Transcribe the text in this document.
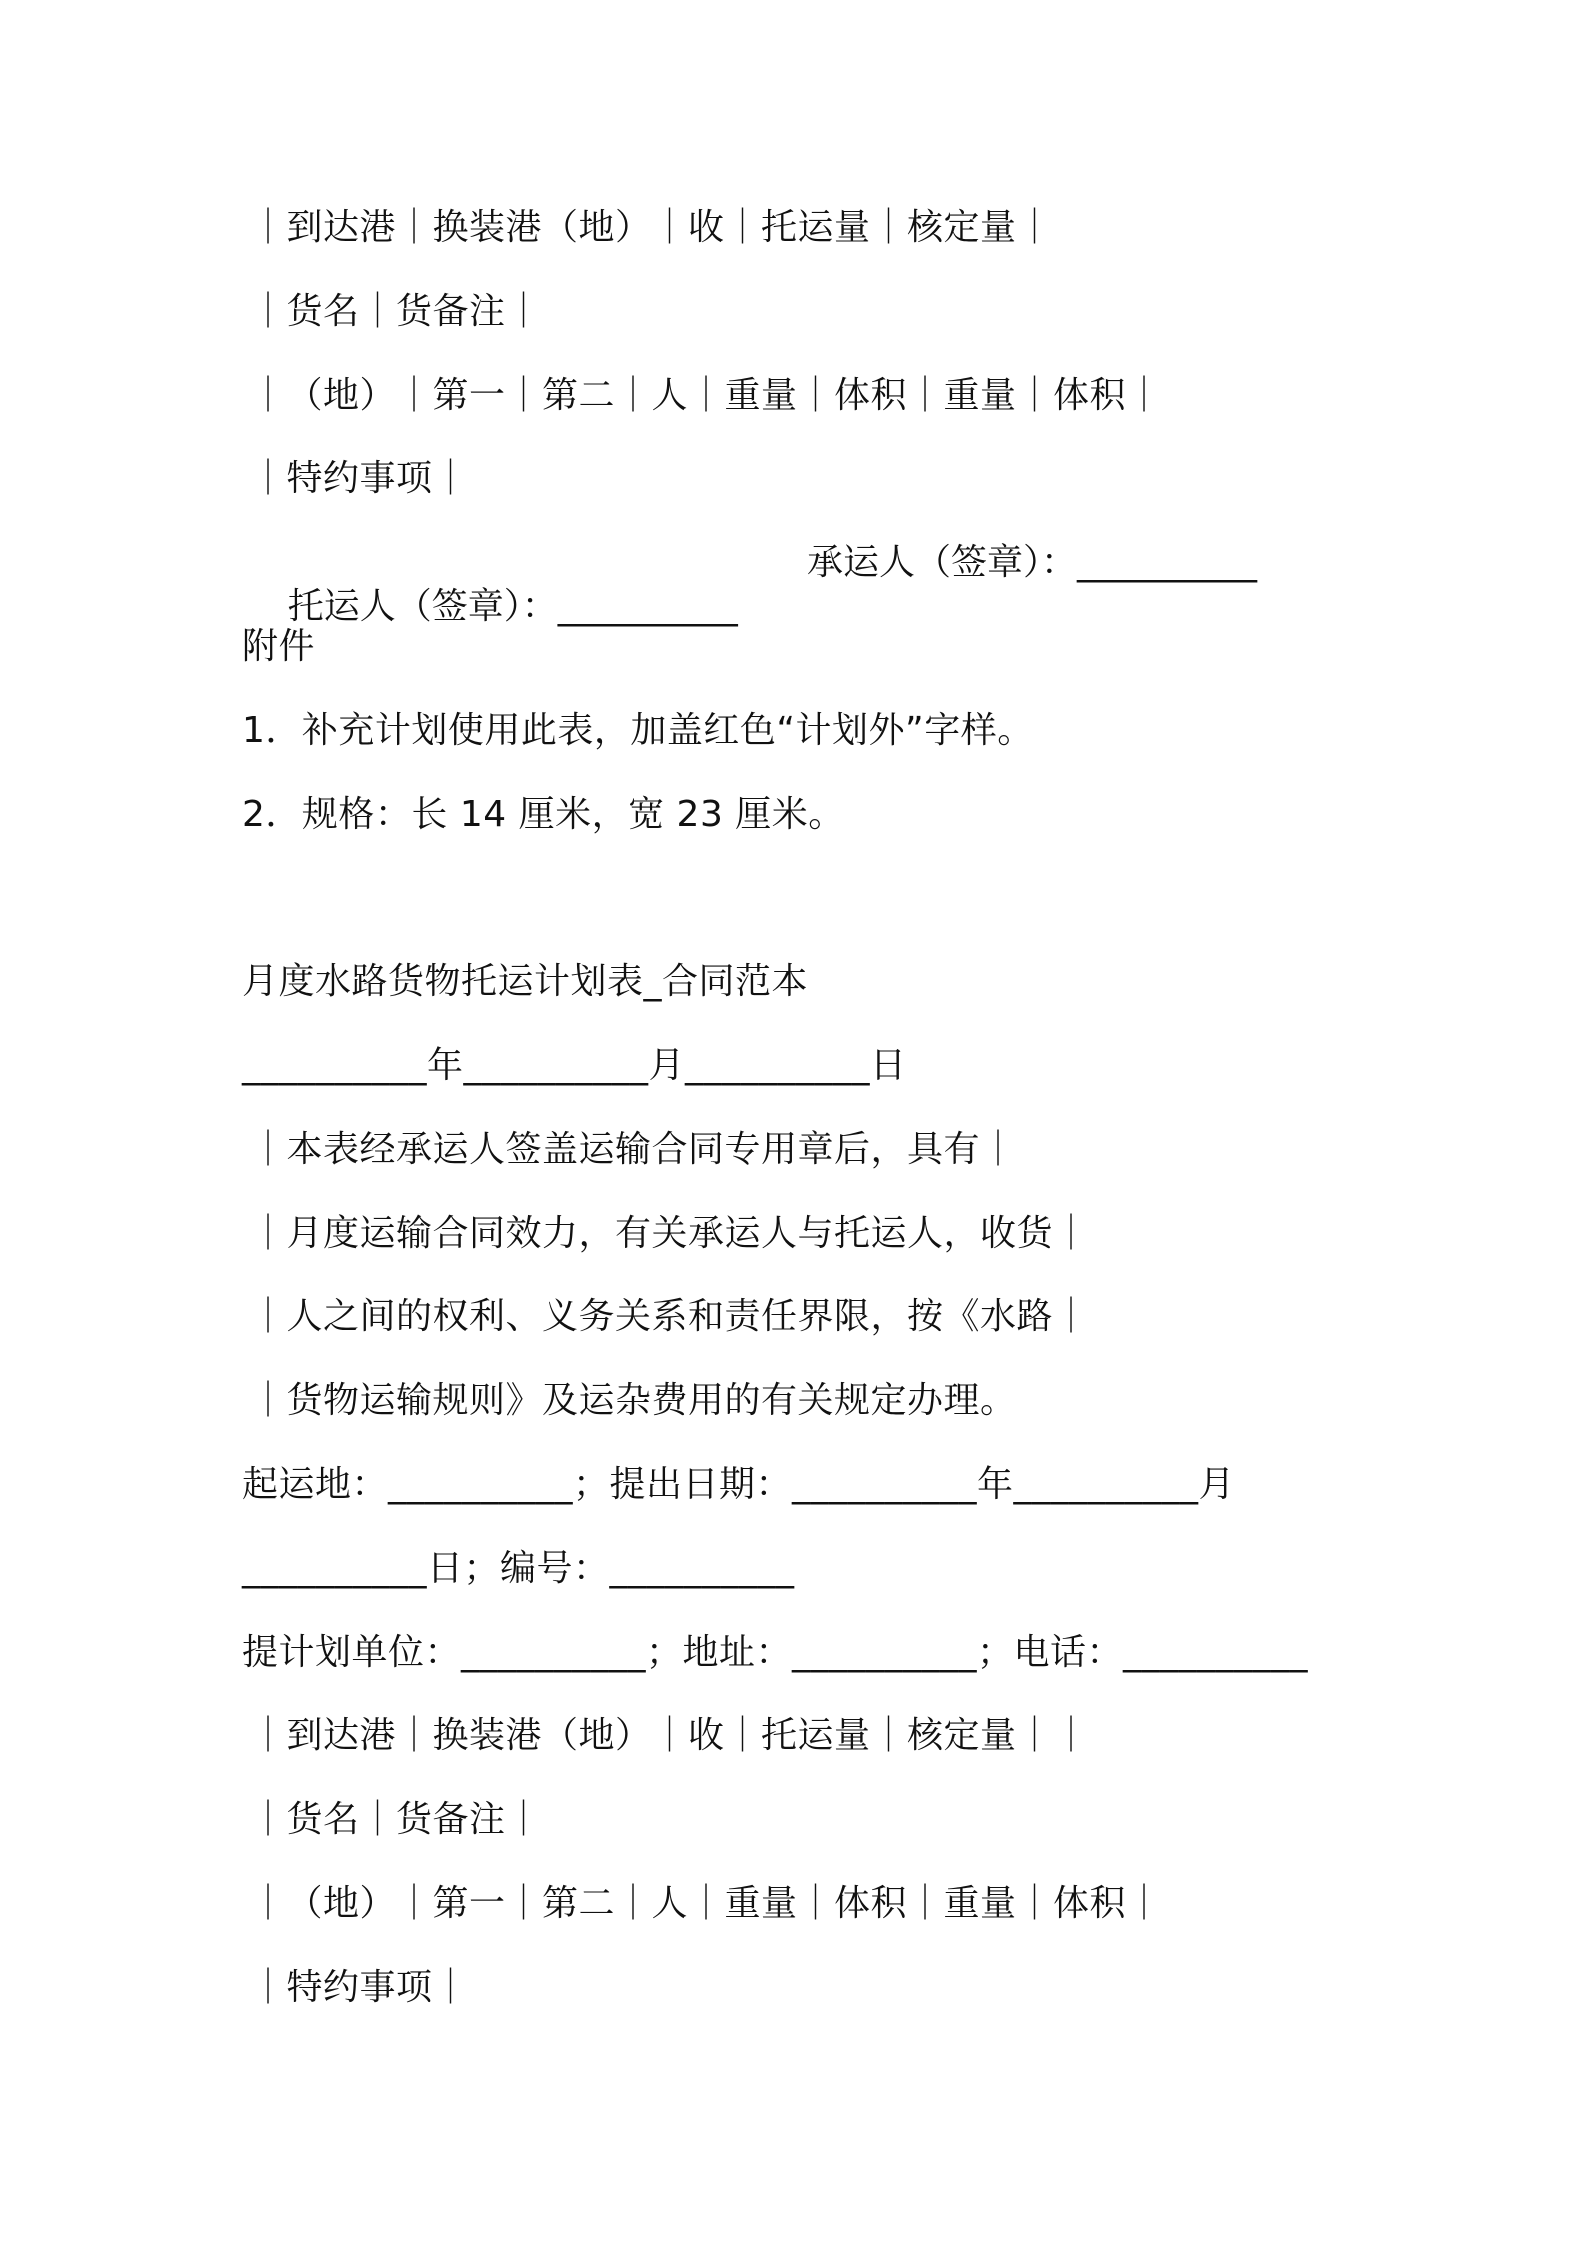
｜到达港｜换装港（地）｜收｜托运量｜核定量｜
｜货名｜货备注｜
｜（地）｜第一｜第二｜人｜重量｜体积｜重量｜体积｜
｜特约事项｜

托运人（签章）：__________

承运人（签章）：__________

附件
1．补充计划使用此表，加盖红色“计划外”字样。
2．规格：长 14 厘米，宽 23 厘米。
月度水路货物托运计划表_合同范本
__________年__________月__________日
｜本表经承运人签盖运输合同专用章后，具有｜
｜月度运输合同效力，有关承运人与托运人，收货｜
｜人之间的权利、义务关系和责任界限，按《水路｜
｜货物运输规则》及运杂费用的有关规定办理。
起运地：__________；提出日期：__________年__________月
__________日；编号：__________
提计划单位：__________；地址：__________；电话：__________
｜到达港｜换装港（地）｜收｜托运量｜核定量｜｜
｜货名｜货备注｜
｜（地）｜第一｜第二｜人｜重量｜体积｜重量｜体积｜
｜特约事项｜
